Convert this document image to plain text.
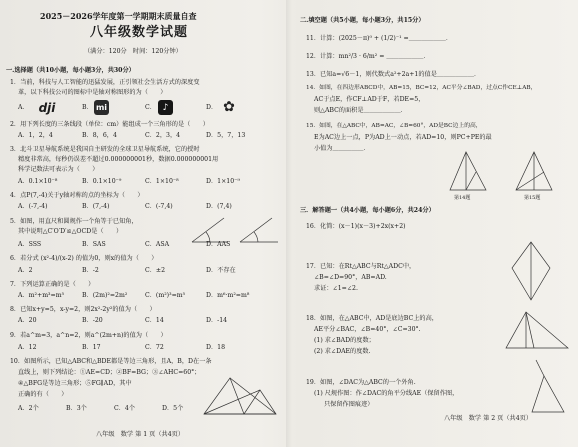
2025－2026学年度第一学期期末质量自查
八年级数学试题
（满分：120分　时间：120分钟）
一.选择题（共10小题，每小题3分，共30分）
1．当前，科技与人工智能的迅猛发展，正引领社会生活方式的深度变
革，以下科技公司的图标中是轴对称图形的为（　　）
A． dji	B． mi	C． ♪	D． ✿
2．用下列长度的三条线段（单位：cm）能组成一个三角形的是（　　）
A．1，2，4	B．8，6，4	C．2，3，4	D．5，7，13
3．北斗卫星导航系统是我国自主研发的全球卫星导航系统，它的授时
精度非常高，每秒仍误差不超过0.000000001秒，数据0.000000001用
科学记数法可表示为（　　）
A．0.1×10⁻⁸	B．0.1×10⁻⁹	C．1×10⁻⁸	D．1×10⁻⁹
4．点P(7,-4)关于y轴对称的点的坐标为（　　）
A．(-7,-4)	B．(7,-4)	C．(-7,4)	D．(7,4)
5．如图，用直尺和圆规作一个角等于已知角，
其中说明△C′O′D′≌△OCD是（　　）
A．SSS	B．SAS	C．ASA	D．AAS
6．若分式 (x²-4)/(x-2) 的值为0，则x的值为（　　）
A．2	B．-2	C．±2	D．不存在
7．下列运算正确的是（　　）
A．m²+m³=m⁵	B．(2m)²=2m²	C．(m²)³=m⁵	D．m⁶·m²=m⁸
8．已知x+y=5，x-y=2，则2x²-2y²的值为（　　）
A．20	B．-20	C．14	D．-14
9．若a^m=3，a^n=2，则a^(2m+n)的值为（　　）
A．12	B．17	C．72	D．18
10．如图所示，已知△ABC和△BDE都是等边三角形，且A，B，D在一条
直线上，则下列结论：①AE=CD；②BF=BG；③∠AHC=60°；
④△BFG是等边三角形；⑤FG∥AD，其中
正确的有（　　）
A．2个	B．3个	C．4个	D．5个
八年级　数学 第 1 页（共4页）
二.填空题（共5小题，每小题3分，共15分）
11．计算：(2025－π)⁰ + (1/2)⁻¹ =＿＿＿＿＿＿．
12．计算：mn²/3 · 6/m² = ＿＿＿＿＿＿．
13．已知a=√6－1，则代数式a²+2a+1的值是＿＿＿＿＿＿．
14．如图，在四边形ABCD中，AB=15，BC=12，AC平分∠BAD，过点C作CE⊥AB，
AC于点E，作CF⊥AD于F，若DE=5，
则△ABC的面积是＿＿＿＿＿＿．
15．如图，在△ABC中，AB=AC，∠B=60°，AD是BC边上的高，
E为AC边上一点，P为AD上一动点，若AD=10，则PC+PE的最
小值为＿＿＿＿＿．
第14题	第15题
三．解答题一（共4小题，每小题6分，共24分）
16．化简：(x－1)(x－3)+2x(x+2)
17．已知：在Rt△ABC与Rt△ADC中，
∠B=∠D=90°，AB=AD.
求证：∠1=∠2.
18．如图，在△ABC中，AD是底边BC上的高，
AE平分∠BAC，∠B=40°，∠C=30°.
(1) 求∠BAD的度数；
(2) 求∠DAE的度数.
19．如图，∠DAC为△ABC的一个外角.
(1) 尺规作图：作∠DAC的角平分线AE（保留作图，
只保留作图痕迹）
八年级　数学 第 2 页（共4页）
